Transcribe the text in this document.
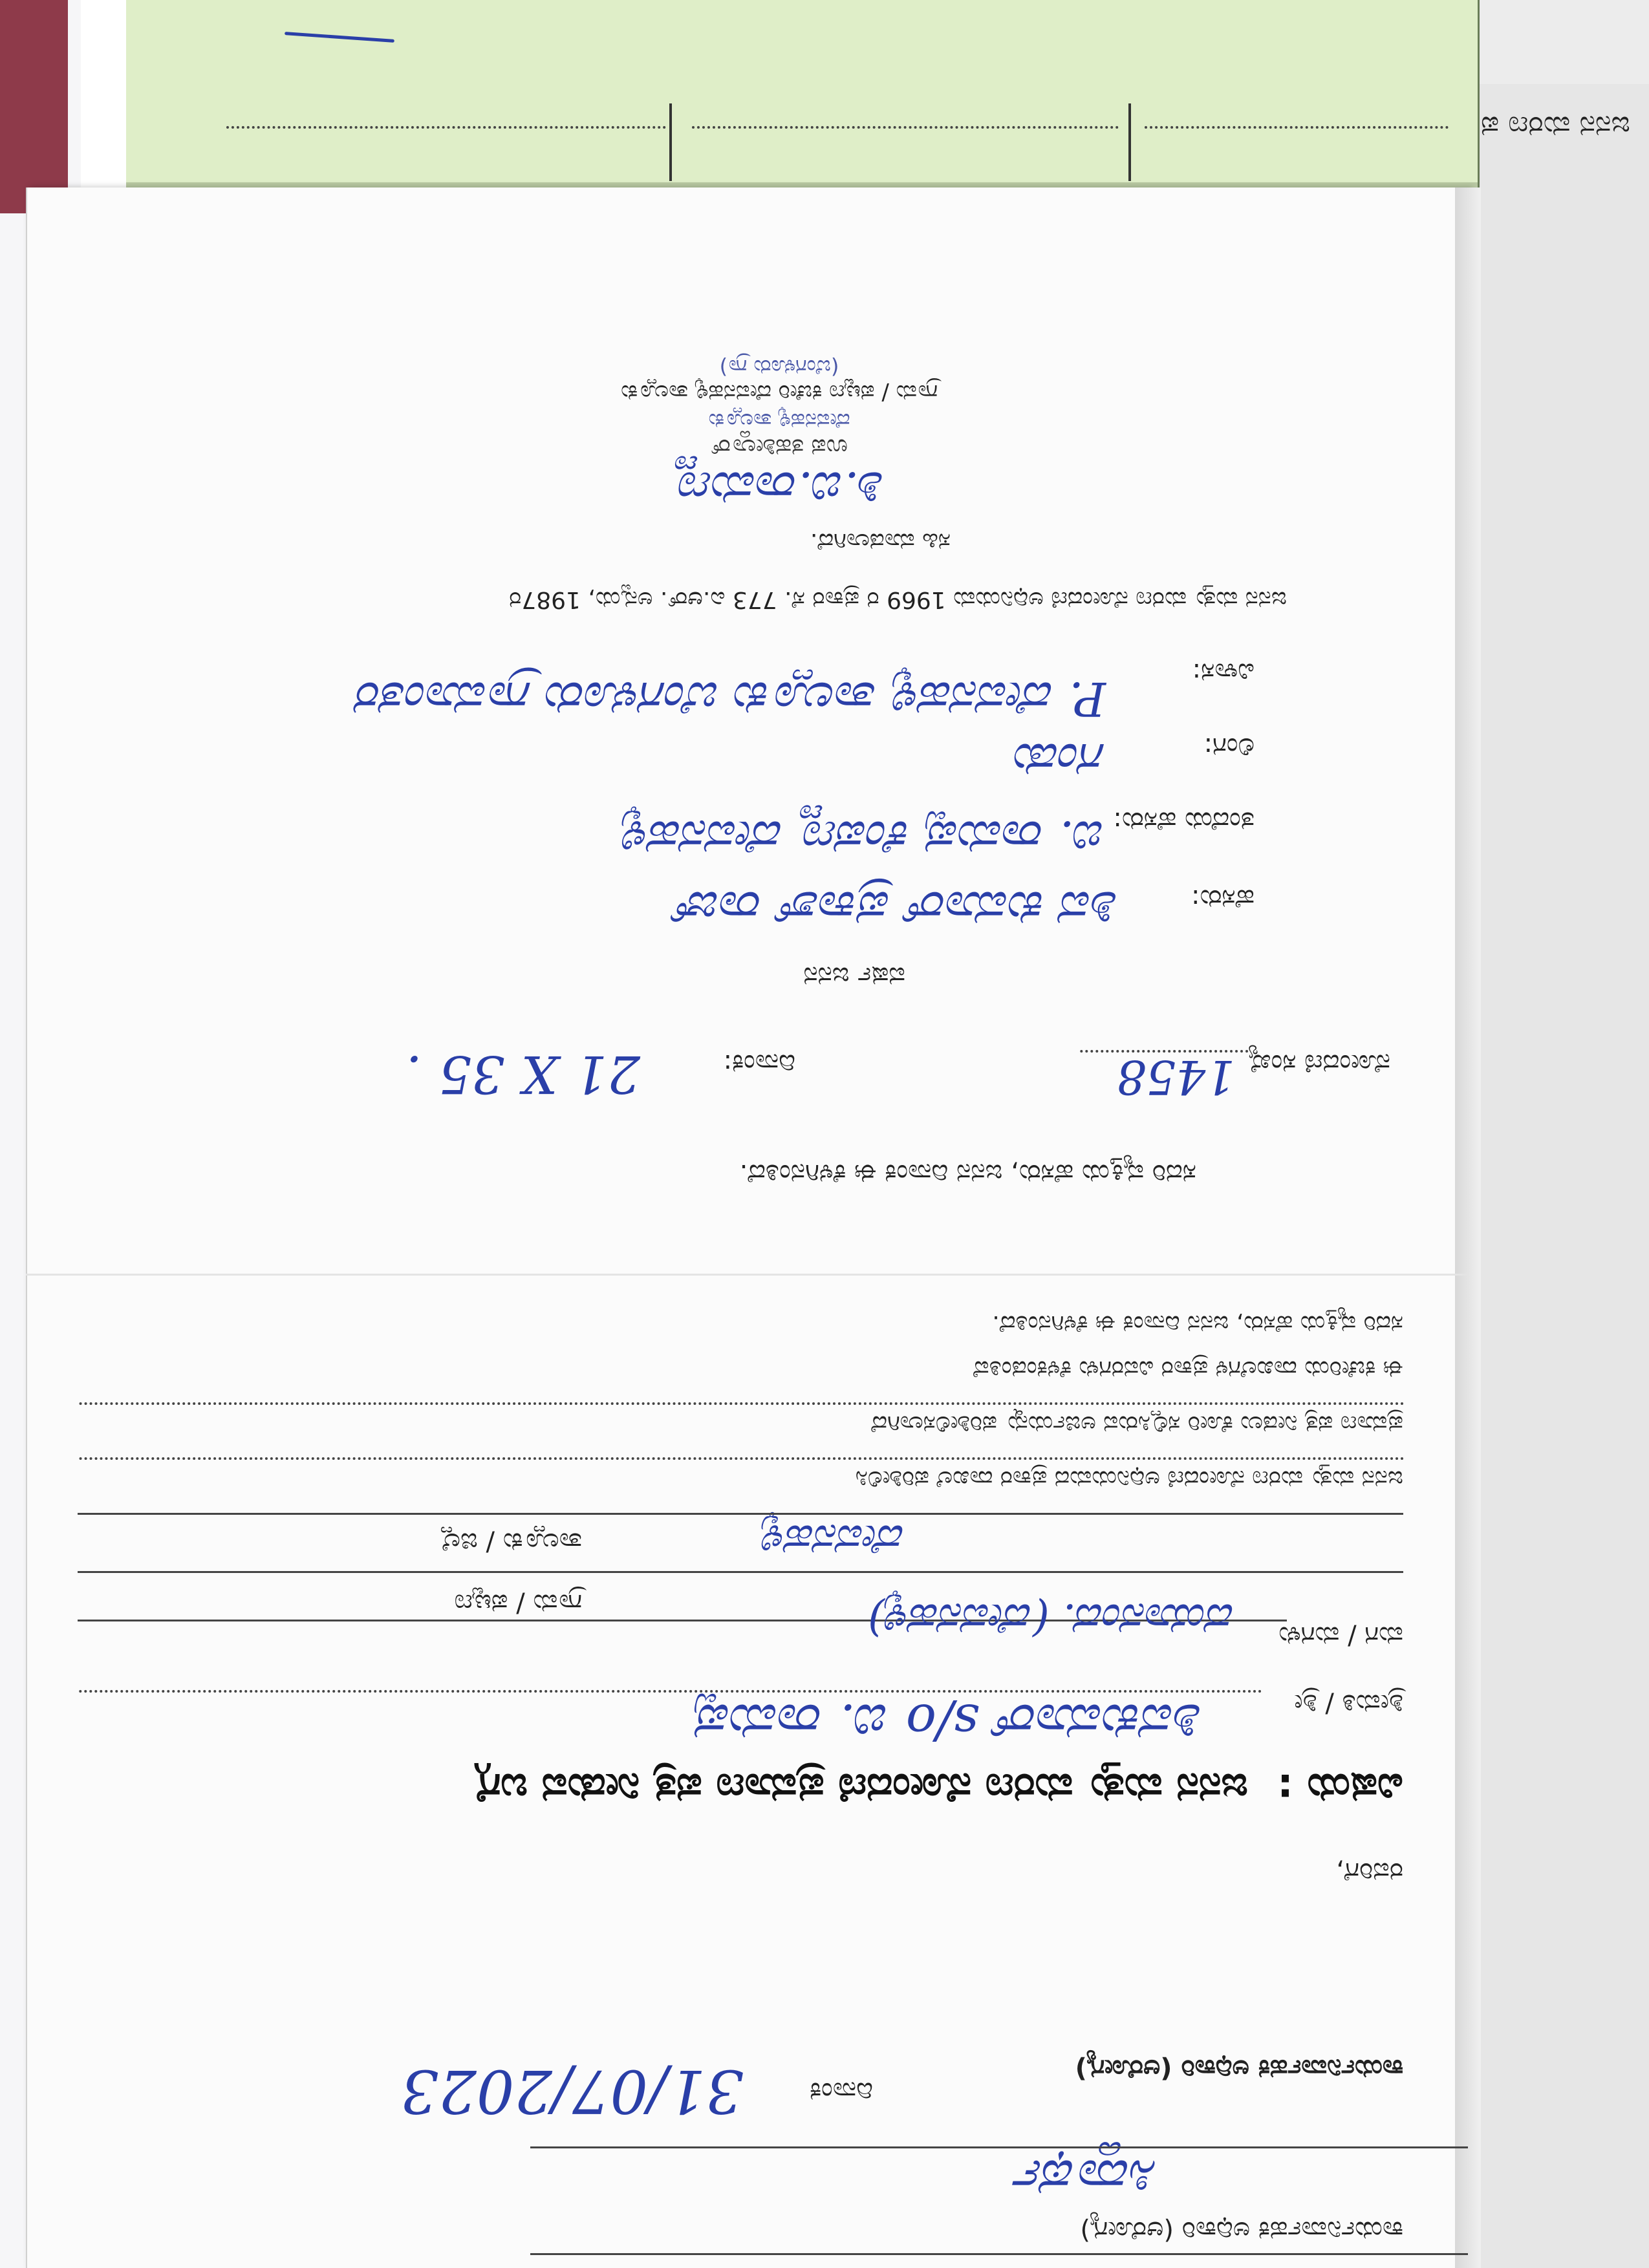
ಜನನ ಮರಣ ಪ
ಕಾರ್ಯನಿರ್ವಾಹಕ ಅಧಿಕಾರಿ (ಆರೋಗ್ಯ)
ಸಿದ್ದಾರ್ಥ
ದಿನಾಂಕ
31/07/2023	ಕಾರ್ಯನಿರ್ವಾಹಕ ಅಧಿಕಾರಿ (ಆರೋಗ್ಯ)
ರವರಿಗೆ,
ವಿಷಯ :
ಜನನ ಮತ್ತು ಮರಣ ನೋಂದಣಿ ಪ್ರಮಾಣ ಪತ್ರ ನೀಡುವ ಬಗ್ಗೆ
ಶ್ರೀಮತಿ / ಶ್ರೀ
ಶಿವಕುಮಾರ್ s/o ಬಿ. ರಾಮಪ್ಪ
ಮಗ / ಮಗಳು
ಗ್ರಾಮ / ಪಟ್ಟಣ	ದಯಾನಂದ. (ದೇವನಹಳ್ಳಿ)
ತಾಲ್ಲೂಕು / ಜಿಲ್ಲೆ	ದೇವನಹಳ್ಳಿ
ಜನನ ಮತ್ತು ಮರಣ ನೋಂದಣಿ ಅಧಿನಿಯಮದ ಪ್ರಕಾರ ದಾಖಲೆ ಪರಿಶೀಲಿಸಿ
ಪ್ರಮಾಣ ಪತ್ರ ನೀಡಲು ಕೋರಿ ಸಲ್ಲಿಸಿರುವ ಅರ್ಜಿಯನ್ನು ಪರಿಶೀಲಿಸಲಾಗಿದೆ
ಈ ಕಚೇರಿಯ ದಾಖಲೆಗಳ ಪ್ರಕಾರ ವಿವರಗಳು ಕೆಳಕಂಡಂತಿವೆ
ಸದರಿ ವ್ಯಕ್ತಿಯ ಹೆಸರು, ಜನನ ದಿನಾಂಕ ಈ ಕೆಳಗಿನಂತಿದೆ.
ಸದರಿ ವ್ಯಕ್ತಿಯ ಹೆಸರು, ಜನನ ದಿನಾಂಕ ಈ ಕೆಳಗಿನಂತಿದೆ.
ನೋಂದಣಿ ಸಂಖ್ಯೆ
1458
ದಿನಾಂಕ:
21 X 35 .
ವರ್ಷ ಜನನ
ಹೆಸರು:
ಶಿವ ಕುಮಾರ್ ಪ್ರಕಾಶ್ ರಾಜ್
ತಂದೆಯ ಹೆಸರು:
ಬಿ. ರಾಮಪ್ಪ ಕೆಂಪಣ್ಣ ದೇವನಹಳ್ಳಿ
ಲಿಂಗ:
ಗಂಡು
ವಿಳಾಸ:
P. ದೇವನಹಳ್ಳಿ ತಾಲ್ಲೂಕು ಬೆಂಗಳೂರು ಗ್ರಾಮಾಂತರ
ಜನನ ಮತ್ತು ಮರಣ ನೋಂದಣಿ ಅಧಿನಿಯಮ 1969 ರ ಪ್ರಕಾರ ಸೆ. 773 ಎ.ಆರ್. ಅನ್ವಯ, 1987ರ
ಸಹಿ ಮಾಡಲಾಗಿದೆ.
ಶಿ.ಬಿ.ರಾಮಣ್ಣ
ಉಪ ತಹಶೀಲ್ದಾರ್
ದೇವನಹಳ್ಳಿ ತಾಲ್ಲೂಕು
ಗ್ರಾಮ / ಪಟ್ಟಣ ಕಚೇರಿ ದೇವನಹಳ್ಳಿ ತಾಲ್ಲೂಕು
(ಬೆಂಗಳೂರು ಗ್ರಾ)
